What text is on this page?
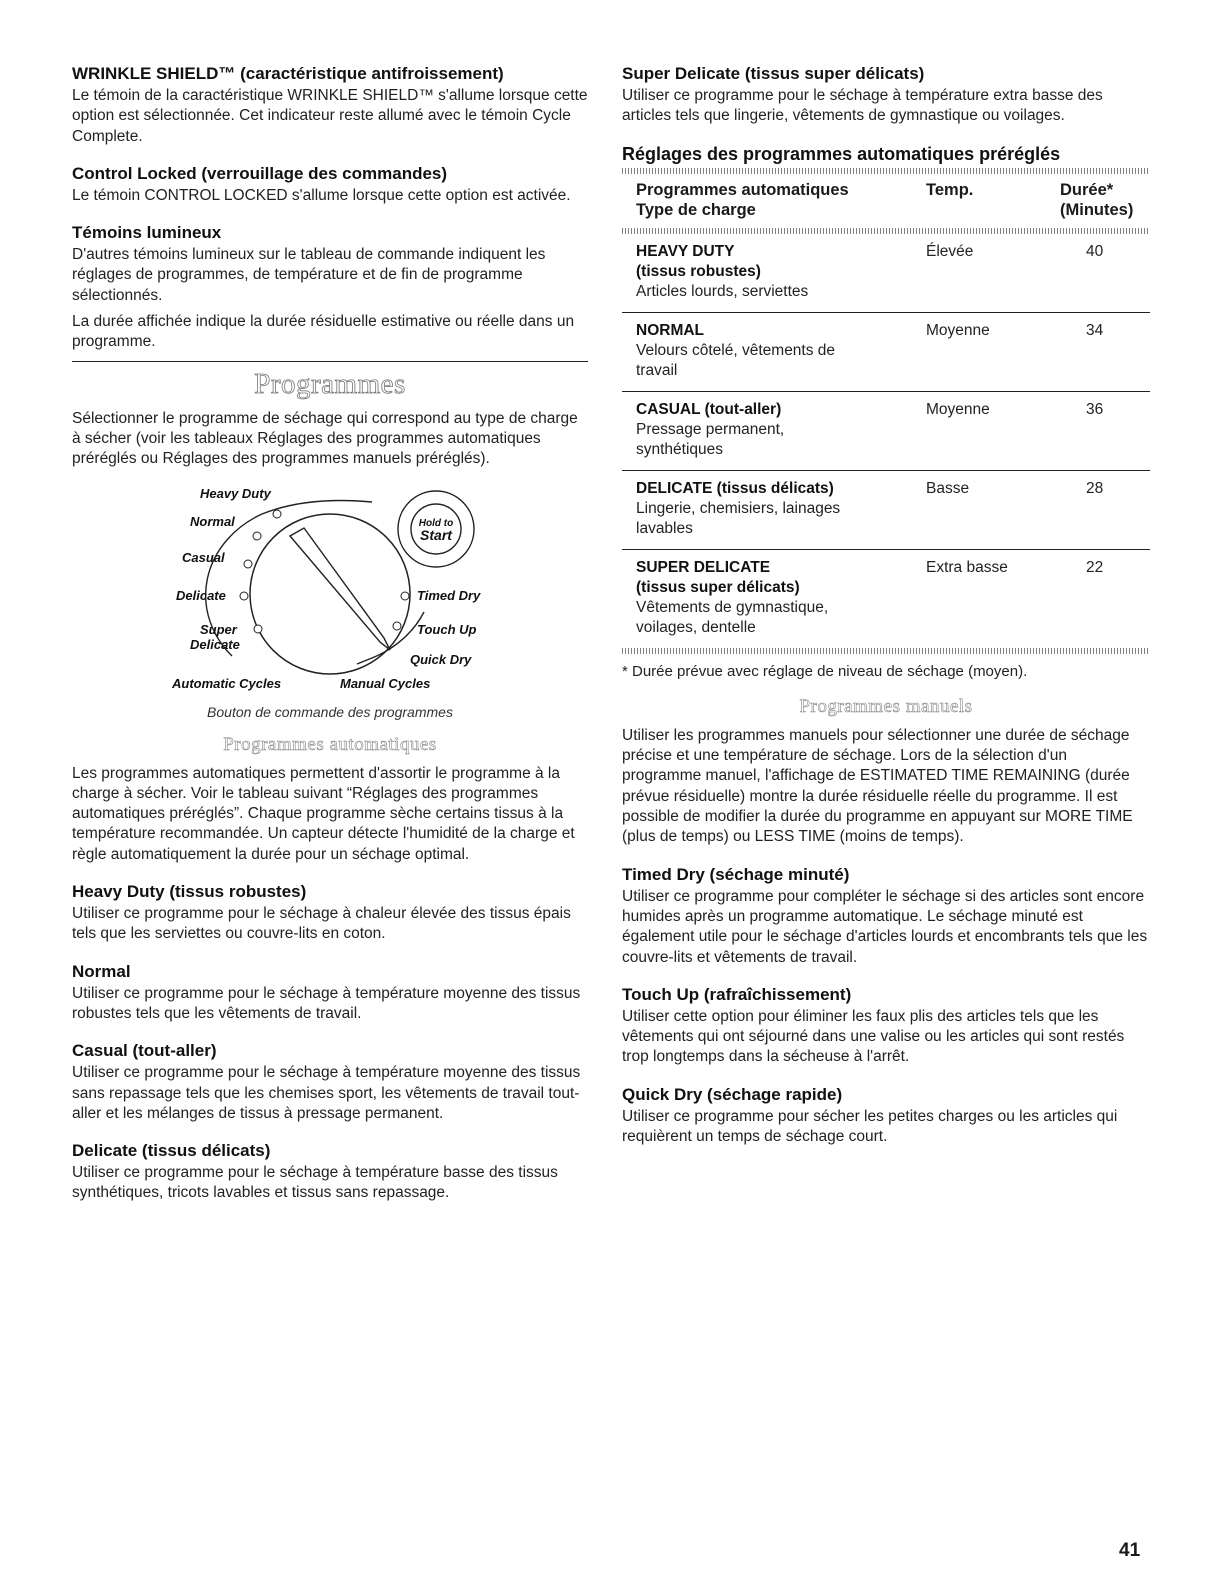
WRINKLE SHIELD™ (caractéristique antifroissement)

Le témoin de la caractéristique WRINKLE SHIELD™ s'allume lorsque cette option est sélectionnée. Cet indicateur reste allumé avec le témoin Cycle Complete.

Control Locked (verrouillage des commandes)

Le témoin CONTROL LOCKED s'allume lorsque cette option est activée.

Témoins lumineux

D'autres témoins lumineux sur le tableau de commande indiquent les réglages de programmes, de température et de fin de programme sélectionnés.

La durée affichée indique la durée résiduelle estimative ou réelle dans un programme.

Programmes

Sélectionner le programme de séchage qui correspond au type de charge à sécher (voir les tableaux Réglages des programmes automatiques préréglés ou Réglages des programmes manuels préréglés).

Hold to
Start
Heavy Duty
Normal
Casual
Delicate
Super
Delicate
Timed Dry
Touch Up
Quick Dry
Automatic Cycles	Manual Cycles
Bouton de commande des programmes
Programmes automatiques

Les programmes automatiques permettent d'assortir le programme à la charge à sécher. Voir le tableau suivant “Réglages des programmes automatiques préréglés”. Chaque programme sèche certains tissus à la température recommandée. Un capteur détecte l'humidité de la charge et règle automatiquement la durée pour un séchage optimal.

Heavy Duty (tissus robustes)

Utiliser ce programme pour le séchage à chaleur élevée des tissus épais tels que les serviettes ou couvre-lits en coton.

Normal

Utiliser ce programme pour le séchage à température moyenne des tissus robustes tels que les vêtements de travail.

Casual (tout-aller)

Utiliser ce programme pour le séchage à température moyenne des tissus sans repassage tels que les chemises sport, les vêtements de travail tout-aller et les mélanges de tissus à pressage permanent.

Delicate (tissus délicats)

Utiliser ce programme pour le séchage à température basse des tissus synthétiques, tricots lavables et tissus sans repassage.

Super Delicate (tissus super délicats)

Utiliser ce programme pour le séchage à température extra basse des articles tels que lingerie, vêtements de gymnastique ou voilages.

Réglages des programmes automatiques préréglés
Programmes automatiques
Type de charge

Temp.	Durée*
(Minutes)
HEAVY DUTY
(tissus robustes)
Articles lourds, serviettes	Élevée	40

NORMAL
Velours côtelé, vêtements de travail	Moyenne	34

CASUAL (tout-aller)
Pressage permanent, synthétiques	Moyenne	36

DELICATE (tissus délicats)
Lingerie, chemisiers, lainages lavables	Basse	28

SUPER DELICATE
(tissus super délicats)
Vêtements de gymnastique, voilages, dentelle	Extra basse	22

* Durée prévue avec réglage de niveau de séchage (moyen).

Programmes manuels

Utiliser les programmes manuels pour sélectionner une durée de séchage précise et une température de séchage. Lors de la sélection d'un programme manuel, l'affichage de ESTIMATED TIME REMAINING (durée prévue résiduelle) montre la durée résiduelle réelle du programme. Il est possible de modifier la durée du programme en appuyant sur MORE TIME (plus de temps) ou LESS TIME (moins de temps).

Timed Dry (séchage minuté)

Utiliser ce programme pour compléter le séchage si des articles sont encore humides après un programme automatique. Le séchage minuté est également utile pour le séchage d'articles lourds et encombrants tels que les couvre-lits et vêtements de travail.

Touch Up (rafraîchissement)

Utiliser cette option pour éliminer les faux plis des articles tels que les vêtements qui ont séjourné dans une valise ou les articles qui sont restés trop longtemps dans la sécheuse à l'arrêt.

Quick Dry (séchage rapide)

Utiliser ce programme pour sécher les petites charges ou les articles qui requièrent un temps de séchage court.

41
